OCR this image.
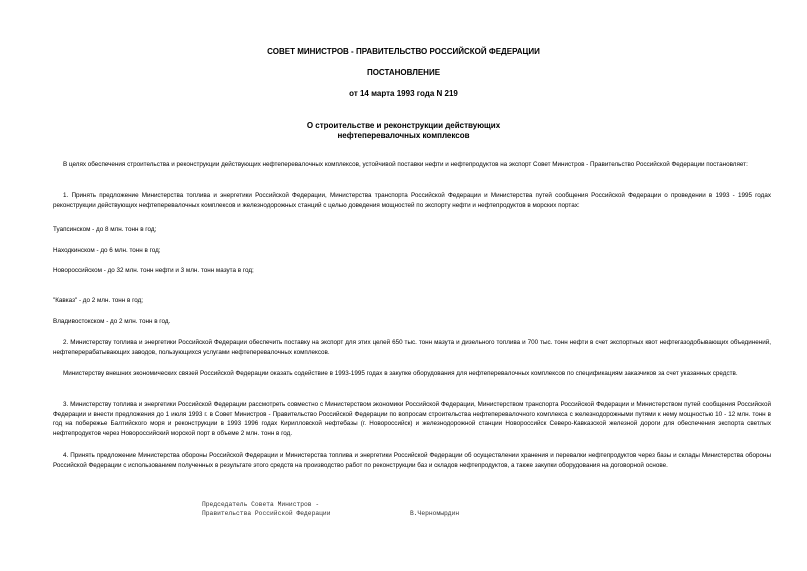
СОВЕТ МИНИСТРОВ - ПРАВИТЕЛЬСТВО РОССИЙСКОЙ ФЕДЕРАЦИИ

ПОСТАНОВЛЕНИЕ

от 14 марта 1993 года N 219

О строительстве и реконструкции действующих
нефтеперевалочных комплексов

В целях обеспечения строительства и реконструкции действующих нефтеперевалочных комплексов, устойчивой поставки нефти и нефтепродуктов на экспорт Совет Министров - Правительство Российской Федерации постановляет:

1. Принять предложение Министерства топлива и энергетики Российской Федерации, Министерства транспорта Российской Федерации и Министерства путей сообщения Российской Федерации о проведении в 1993 - 1995 годах реконструкции действующих нефтеперевалочных комплексов и железнодорожных станций с целью доведения мощностей по экспорту нефти и нефтепродуктов в морских портах:

Туапсинском - до 8 млн. тонн в год;

Находкинском - до 6 млн. тонн в год;

Новороссийском - до 32 млн. тонн нефти и 3 млн. тонн мазута в год;

"Кавказ" - до 2 млн. тонн в год;

Владивостокском - до 2 млн. тонн в год.

2. Министерству топлива и энергетики Российской Федерации обеспечить поставку на экспорт для этих целей 650 тыс. тонн мазута и дизельного топлива и 700 тыс. тонн нефти в счет экспортных квот нефтегазодобывающих объединений, нефтеперерабатывающих заводов, пользующихся услугами нефтеперевалочных комплексов.

Министерству внешних экономических связей Российской Федерации оказать содействие в 1993-1995 годах в закупке оборудования для нефтеперевалочных комплексов по спецификациям заказчиков за счет указанных средств.

3. Министерству топлива и энергетики Российской Федерации рассмотреть совместно с Министерством экономики Российской Федерации, Министерством транспорта Российской Федерации и Министерством путей сообщения Российской Федерации и внести предложения до 1 июля 1993 г. в Совет Министров - Правительство Российской Федерации по вопросам строительства нефтеперевалочного комплекса с железнодорожными путями к нему мощностью 10 - 12 млн. тонн в год на побережье Балтийского моря и реконструкции в 1993 1996 годах Кирилловской нефтебазы (г. Новороссийск) и железнодорожной станции Новороссийск Северо-Кавказской железной дороги для обеспечения экспорта светлых нефтепродуктов через Новороссийский морской порт в объеме 2 млн. тонн в год.

4. Принять предложение Министерства обороны Российской Федерации и Министерства топлива и энергетики Российской Федерации об осуществлении хранения и перевалки нефтепродуктов через базы и склады Министерства обороны Российской Федерации с использованием полученных в результате этого средств на производство работ по реконструкции баз и складов нефтепродуктов, а также закупки оборудования на договорной основе.

Председатель Совета Министров -
Правительства Российской Федерации	В.Черномырдин
